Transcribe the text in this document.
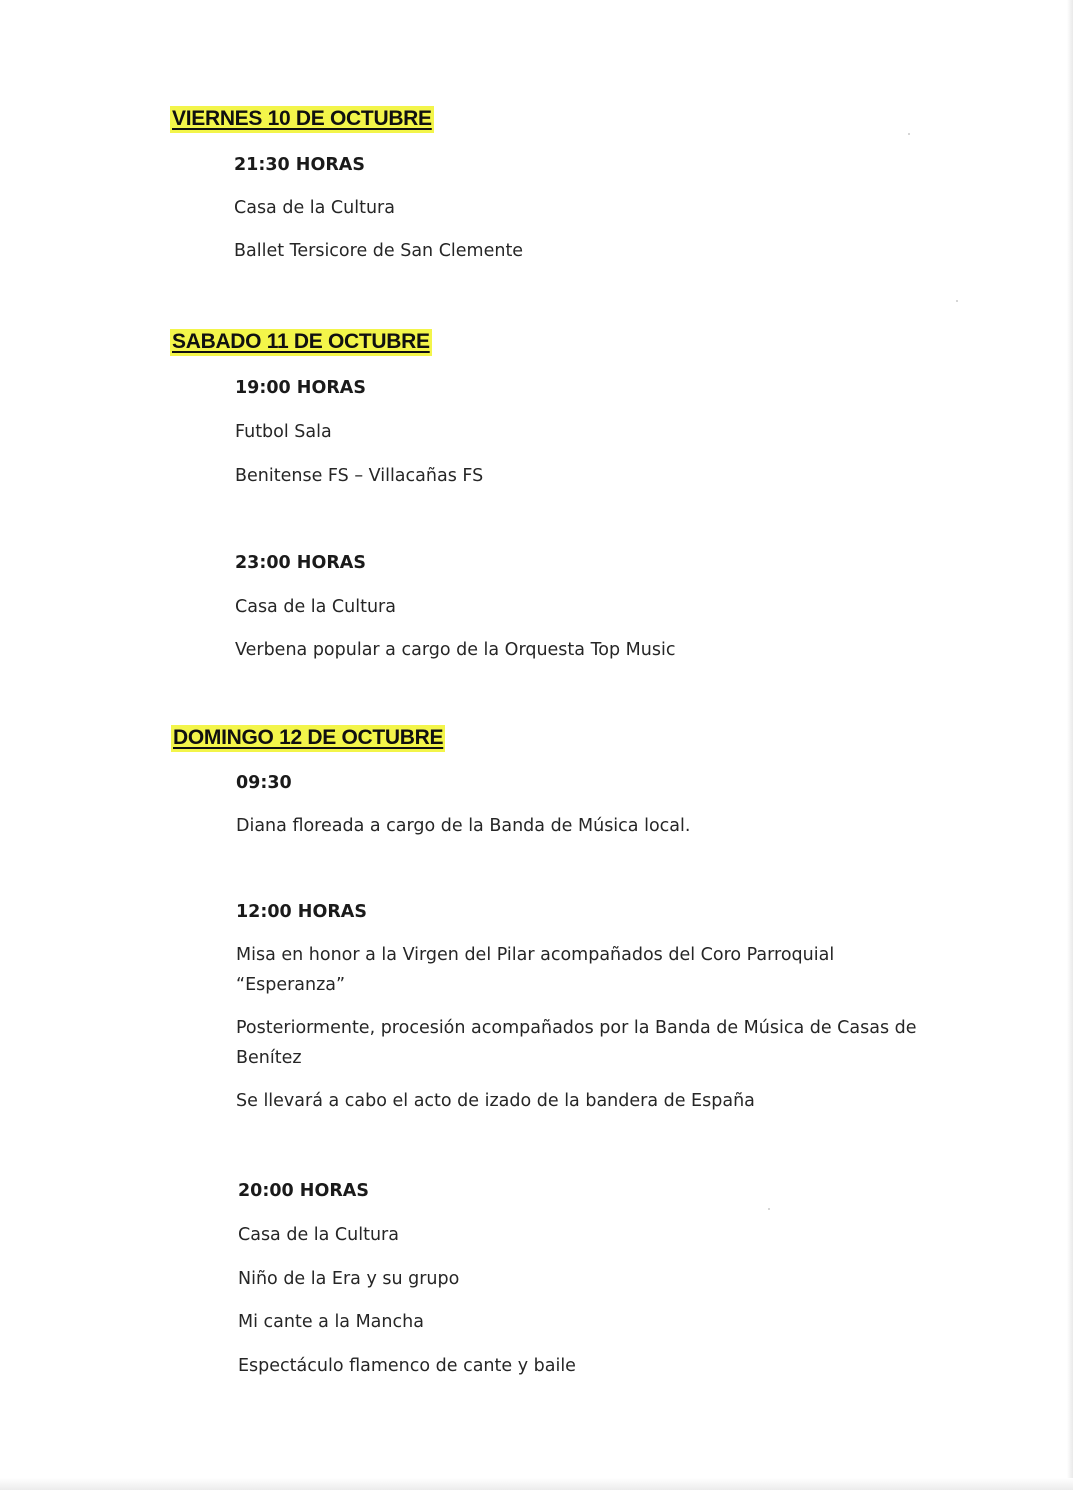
VIERNES 10 DE OCTUBRE
21:30 HORAS
Casa de la Cultura
Ballet Tersicore de San Clemente
SABADO 11 DE OCTUBRE
19:00 HORAS
Futbol Sala
Benitense FS – Villacañas FS
23:00 HORAS
Casa de la Cultura
Verbena popular a cargo de la Orquesta Top Music
DOMINGO 12 DE OCTUBRE
09:30
Diana floreada a cargo de la Banda de Música local.
12:00 HORAS
Misa en honor a la Virgen del Pilar acompañados del Coro Parroquial “Esperanza”
Posteriormente, procesión acompañados por la Banda de Música de Casas de Benítez
Se llevará a cabo el acto de izado de la bandera de España
20:00 HORAS
Casa de la Cultura
Niño de la Era y su grupo
Mi cante a la Mancha
Espectáculo flamenco de cante y baile
